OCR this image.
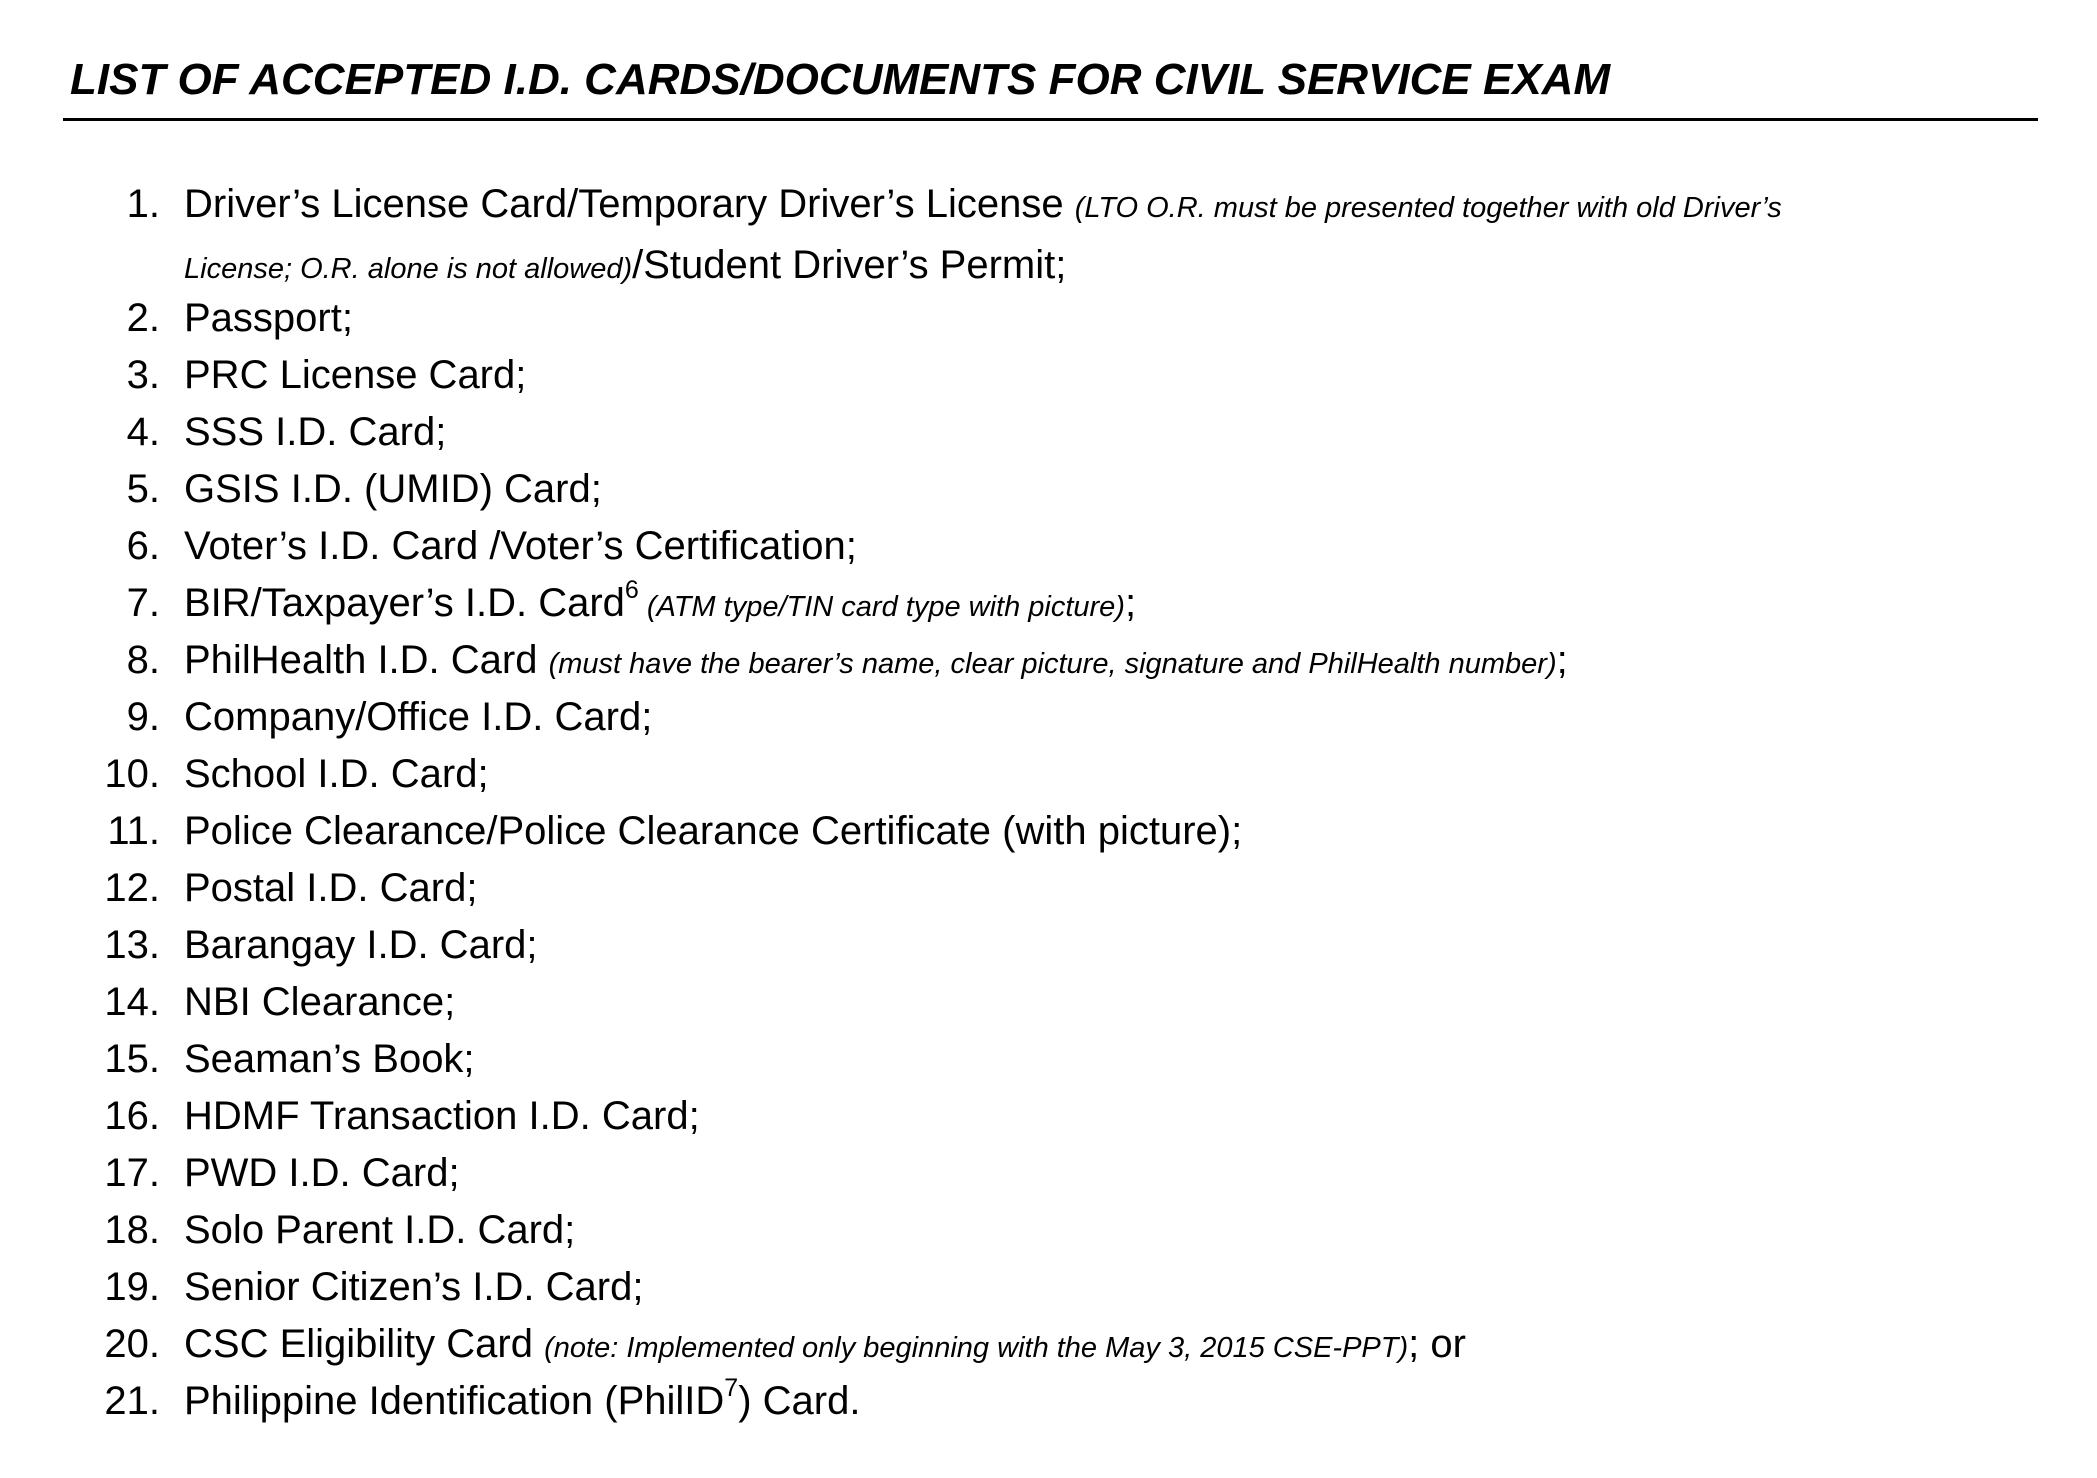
LIST OF ACCEPTED I.D. CARDS/DOCUMENTS FOR CIVIL SERVICE EXAM
1. Driver’s License Card/Temporary Driver’s License (LTO O.R. must be presented together with old Driver’s
License; O.R. alone is not allowed)/Student Driver’s Permit;
2. Passport;
3. PRC License Card;
4. SSS I.D. Card;
5. GSIS I.D. (UMID) Card;
6. Voter’s I.D. Card /Voter’s Certification;
7. BIR/Taxpayer’s I.D. Card$^6$ (ATM type/TIN card type with picture);
8. PhilHealth I.D. Card (must have the bearer’s name, clear picture, signature and PhilHealth number);
9. Company/Office I.D. Card;
10. School I.D. Card;
11. Police Clearance/Police Clearance Certificate (with picture);
12. Postal I.D. Card;
13. Barangay I.D. Card;
14. NBI Clearance;
15. Seaman’s Book;
16. HDMF Transaction I.D. Card;
17. PWD I.D. Card;
18. Solo Parent I.D. Card;
19. Senior Citizen’s I.D. Card;
20. CSC Eligibility Card (note: Implemented only beginning with the May 3, 2015 CSE-PPT); or
21. Philippine Identification (PhilID$^7$) Card.
